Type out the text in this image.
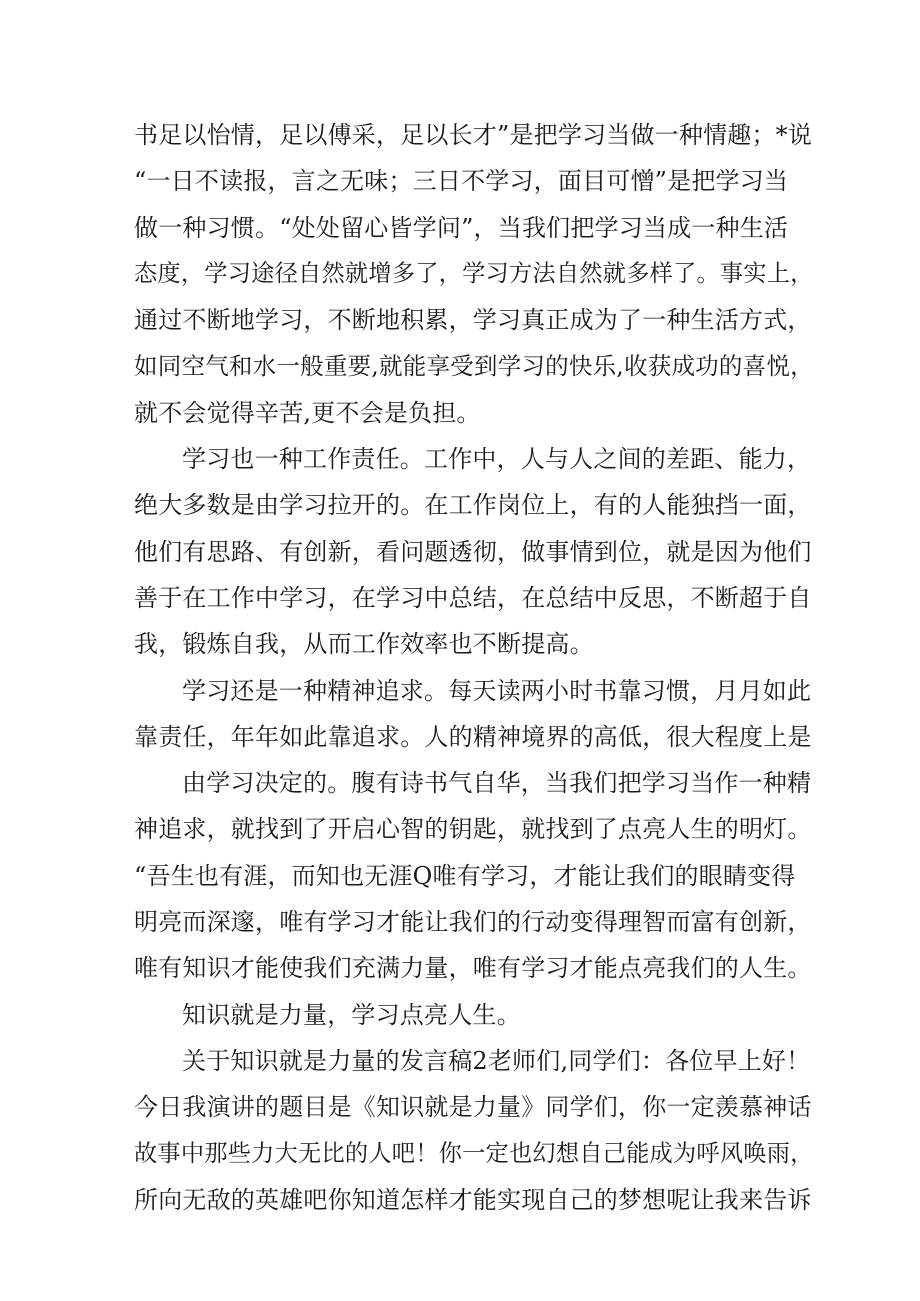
书足以怡情，足以傅采，足以长才”是把学习当做一种情趣；*说
“一日不读报，言之无味；三日不学习，面目可憎”是把学习当
做一种习惯。“处处留心皆学问”，当我们把学习当成一种生活
态度，学习途径自然就增多了，学习方法自然就多样了。事实上，
通过不断地学习，不断地积累，学习真正成为了一种生活方式，
如同空气和水一般重要,就能享受到学习的快乐,收获成功的喜悦，
就不会觉得辛苦,更不会是负担。
学习也一种工作责任。工作中，人与人之间的差距、能力，
绝大多数是由学习拉开的。在工作岗位上，有的人能独挡一面，
他们有思路、有创新，看问题透彻，做事情到位，就是因为他们
善于在工作中学习，在学习中总结，在总结中反思，不断超于自
我，锻炼自我，从而工作效率也不断提高。
学习还是一种精神追求。每天读两小时书靠习惯，月月如此
靠责任，年年如此靠追求。人的精神境界的高低，很大程度上是
由学习决定的。腹有诗书气自华，当我们把学习当作一种精
神追求，就找到了开启心智的钥匙，就找到了点亮人生的明灯。
“吾生也有涯，而知也无涯Q唯有学习，才能让我们的眼睛变得
明亮而深邃，唯有学习才能让我们的行动变得理智而富有创新，
唯有知识才能使我们充满力量，唯有学习才能点亮我们的人生。
知识就是力量，学习点亮人生。
关于知识就是力量的发言稿2老师们,同学们：各位早上好！
今日我演讲的题目是《知识就是力量》同学们，你一定羡慕神话
故事中那些力大无比的人吧！你一定也幻想自己能成为呼风唤雨，
所向无敌的英雄吧你知道怎样才能实现自己的梦想呢让我来告诉
